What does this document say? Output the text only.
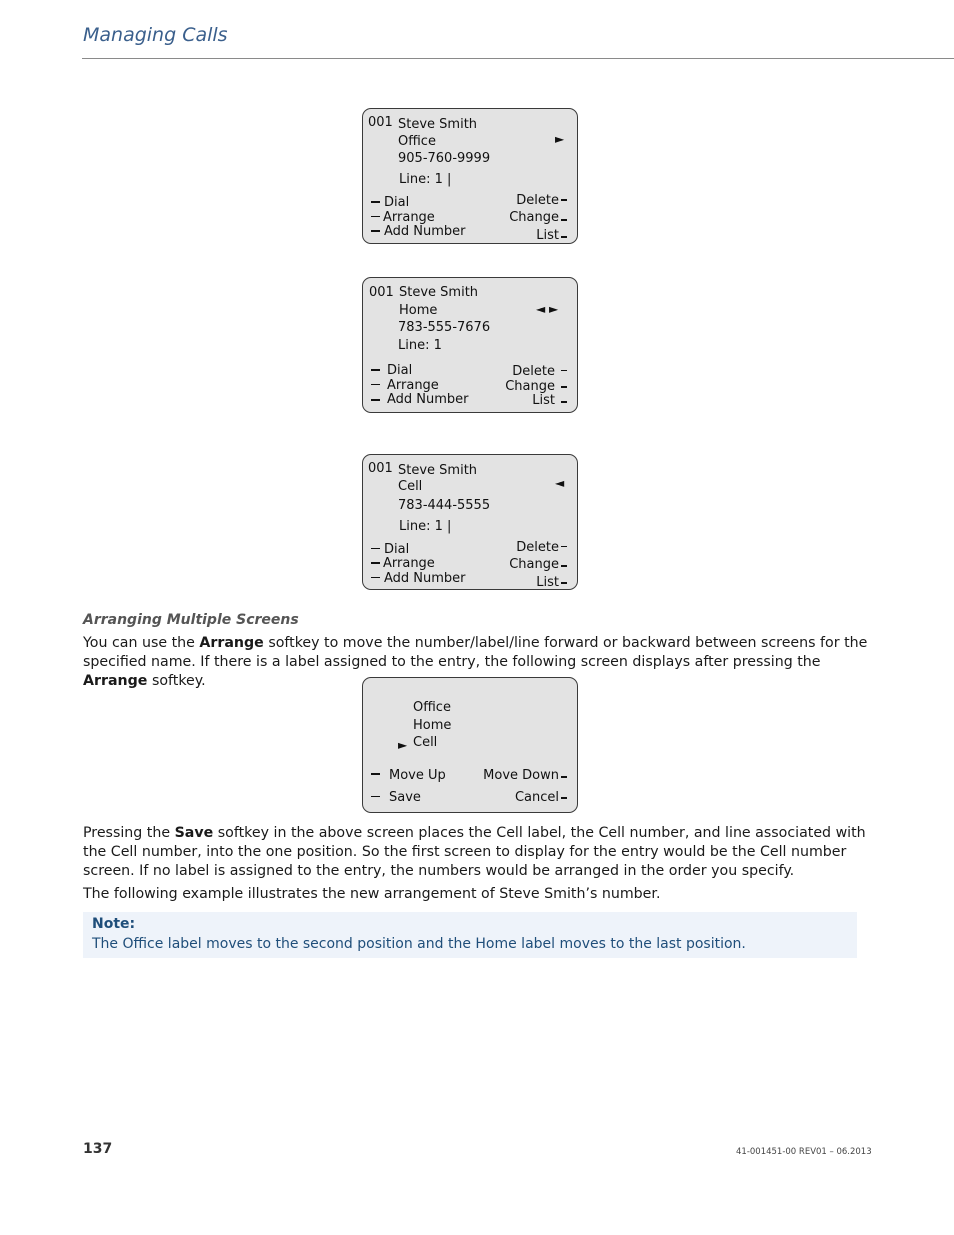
Managing Calls
001 Steve Smith
Office
905-760-9999
Line: 1 |
►
Dial
Arrange
Add Number
Delete
Change
List
001 Steve Smith
Home
783-555-7676
Line: 1
◄ ►
Dial
Arrange
Add Number
Delete
Change
List
001 Steve Smith
Cell
783-444-5555
Line: 1 |
◄
Dial
Arrange
Add Number
Delete
Change
List
Arranging Multiple Screens
You can use the Arrange softkey to move the number/label/line forward or backward between screens for the specified name. If there is a label assigned to the entry, the following screen displays after pressing the Arrange softkey.
Office
Home
► Cell
Move Up
Save
Move Down
Cancel
Pressing the Save softkey in the above screen places the Cell label, the Cell number, and line associated with the Cell number, into the one position. So the first screen to display for the entry would be the Cell number screen. If no label is assigned to the entry, the numbers would be arranged in the order you specify.
The following example illustrates the new arrangement of Steve Smith’s number.
Note:
The Office label moves to the second position and the Home label moves to the last position.
137	41-001451-00 REV01 – 06.2013
